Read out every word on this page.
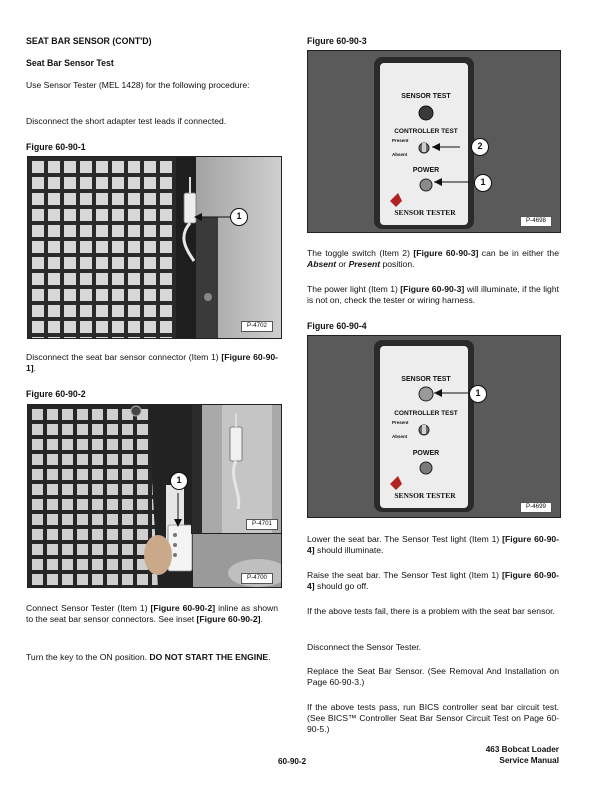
SEAT BAR SENSOR (CONT'D)

Seat Bar Sensor Test

Use Sensor Tester (MEL 1428) for the following procedure:

Disconnect the short adapter test leads if connected.

Figure 60-90-1

1
P-4702

Disconnect the seat bar sensor connector (Item 1) [Figure 60-90-1].

Figure 60-90-2

P-4701
1
P-4700

Connect Sensor Tester (Item 1) [Figure 60-90-2] inline as shown to the seat bar sensor connectors. See inset [Figure 60-90-2].

Turn the key to the ON position. DO NOT START THE ENGINE.

Figure 60-90-3

SENSOR TEST
CONTROLLER TEST
Present
Absent
POWER
SENSOR TESTER
2
1
P-4698

The toggle switch (Item 2) [Figure 60-90-3] can be in either the Absent or Present position.

The power light (Item 1) [Figure 60-90-3] will illuminate, if the light is not on, check the tester or wiring harness.

Figure 60-90-4

SENSOR TEST
CONTROLLER TEST
Present
Absent
POWER
SENSOR TESTER
1
P-4699

Lower the seat bar. The Sensor Test light (Item 1) [Figure 60-90-4] should illuminate.

Raise the seat bar. The Sensor Test light (Item 1) [Figure 60-90-4] should go off.

If the above tests fail, there is a problem with the seat bar sensor.

Disconnect the Sensor Tester.

Replace the Seat Bar Sensor. (See Removal And Installation on Page 60-90-3.)

If the above tests pass, run BICS controller seat bar circuit test. (See BICS™ Controller Seat Bar Sensor Circuit Test on Page 60-90-5.)

60-90-2
463 Bobcat Loader
Service Manual
